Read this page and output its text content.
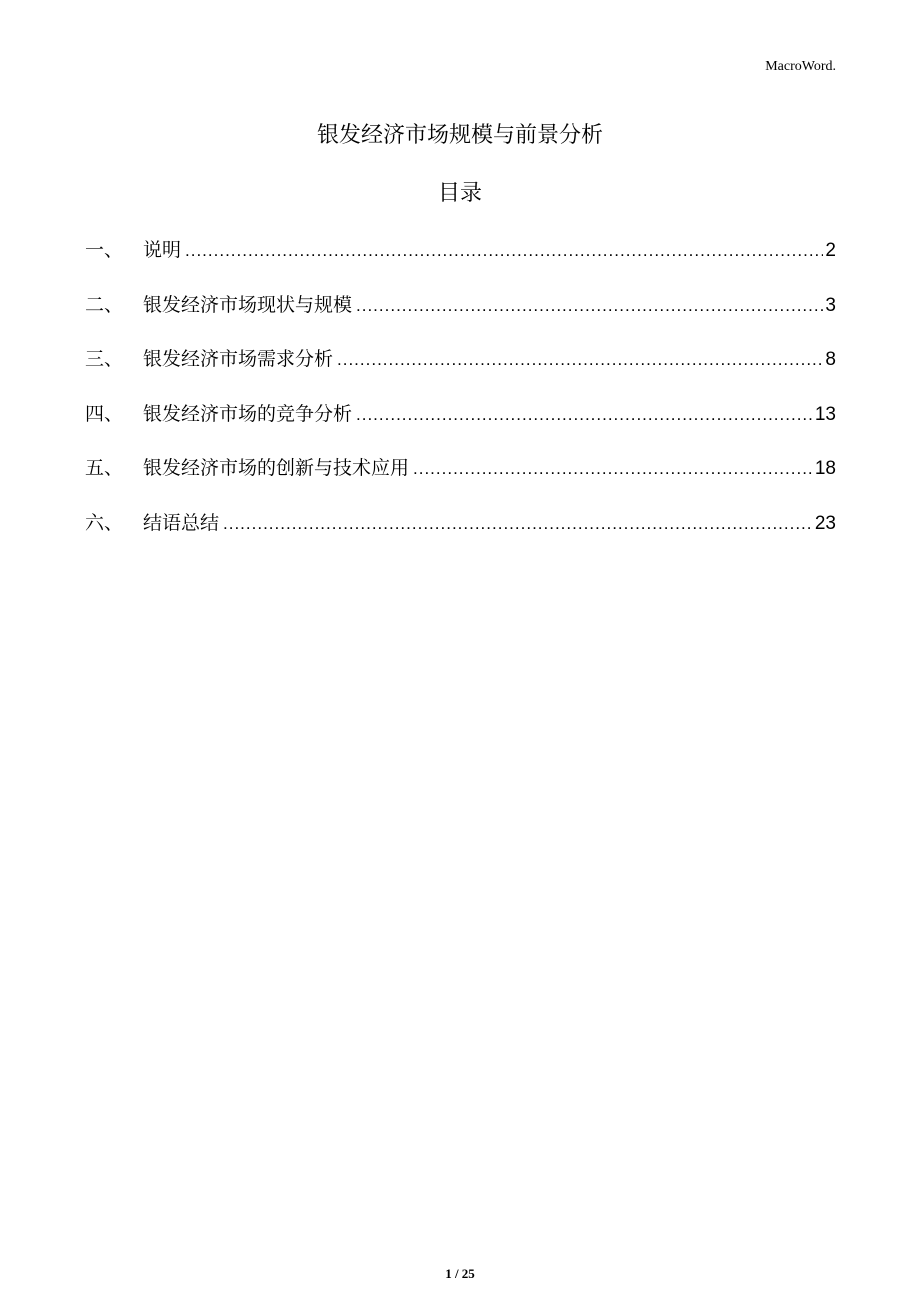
MacroWord.
银发经济市场规模与前景分析
目录
一、	说明 .....	2
二、	银发经济市场现状与规模 .....	3
三、	银发经济市场需求分析 .....	8
四、	银发经济市场的竞争分析 .....	13
五、	银发经济市场的创新与技术应用 .....	18
六、	结语总结 .....	23
1 / 25
